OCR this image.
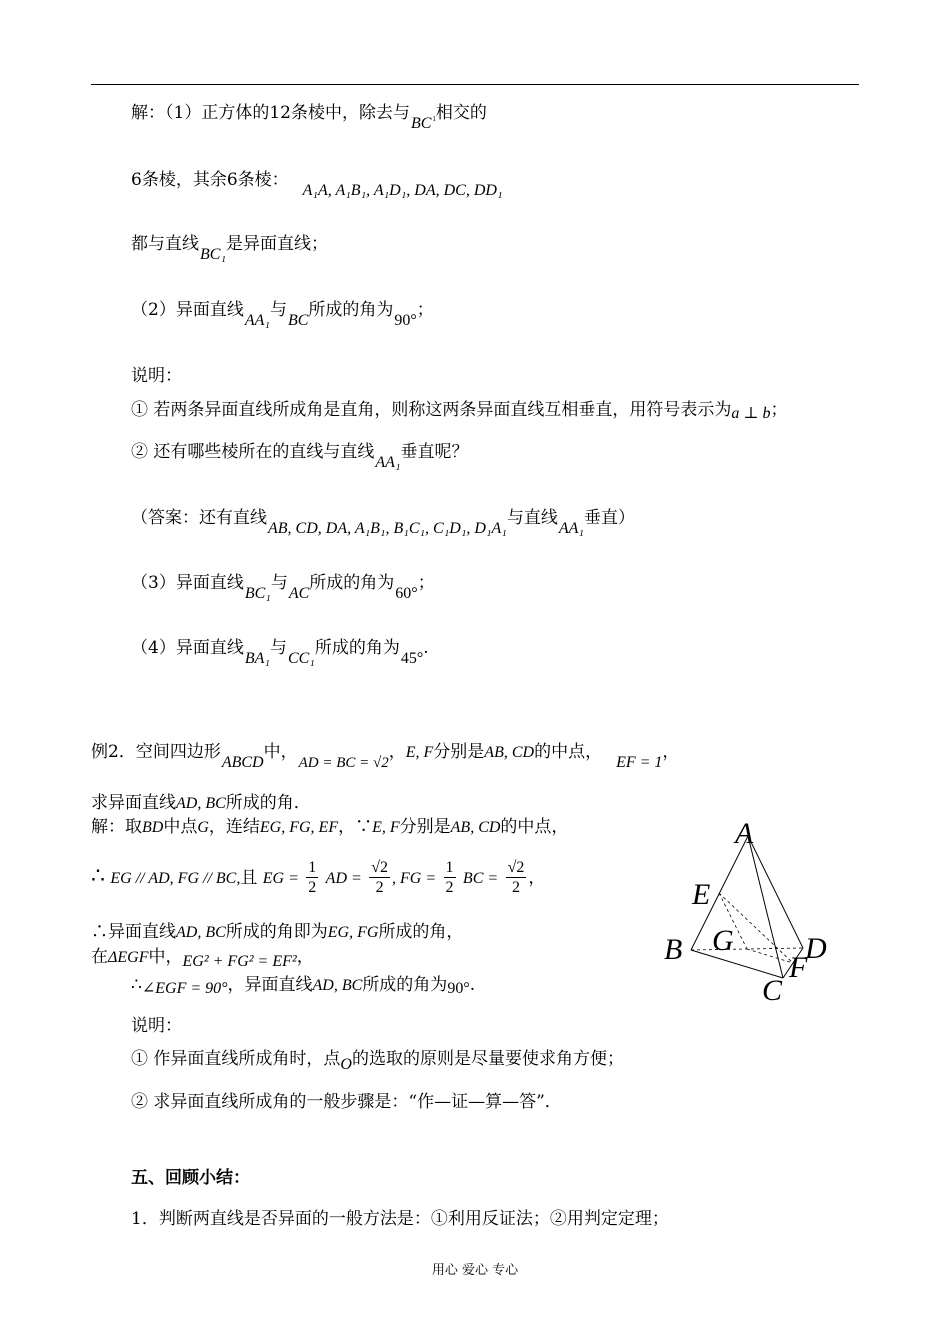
解：（1）正方体的12条棱中，除去与BC1相交的
6条棱，其余6条棱：A₁A, A₁B₁, A₁D₁, DA, DC, DD₁
都与直线BC₁是异面直线；
（2）异面直线AA₁与BC所成的角为90°；
说明：
① 若两条异面直线所成角是直角，则称这两条异面直线互相垂直，用符号表示为a ⊥ b；
② 还有哪些棱所在的直线与直线AA₁垂直呢？
（答案：还有直线AB, CD, DA, A₁B₁, B₁C₁, C₁D₁, D₁A₁与直线AA₁垂直）
（3）异面直线BC₁与AC所成的角为60°；
（4）异面直线BA₁与CC₁所成的角为45°.
例2．空间四边形ABCD中，AD = BC = √2，E, F分别是AB, CD的中点，EF = 1，
求异面直线AD, BC所成的角．
解：取BD中点G，连结EG, FG, EF，∵E, F分别是AB, CD的中点，
∴ EG // AD, FG // BC,且 EG = $\frac{1}{2}$ AD = $\frac{√2}{2}$ , FG = $\frac{1}{2}$ BC = $\frac{√2}{2}$ ，
∴异面直线AD, BC所成的角即为EG, FG所成的角，
在ΔEGF中，EG² + FG² = EF²，
∴∠EGF = 90°，异面直线AD, BC所成的角为90°.
说明：
① 作异面直线所成角时，点O的选取的原则是尽量要使求角方便；
② 求异面直线所成角的一般步骤是：“作—证—算—答”．
五、回顾小结：
1．判断两直线是否异面的一般方法是：①利用反证法；②用判定定理；
A
E
B G D
F
C
用心 爱心 专心
